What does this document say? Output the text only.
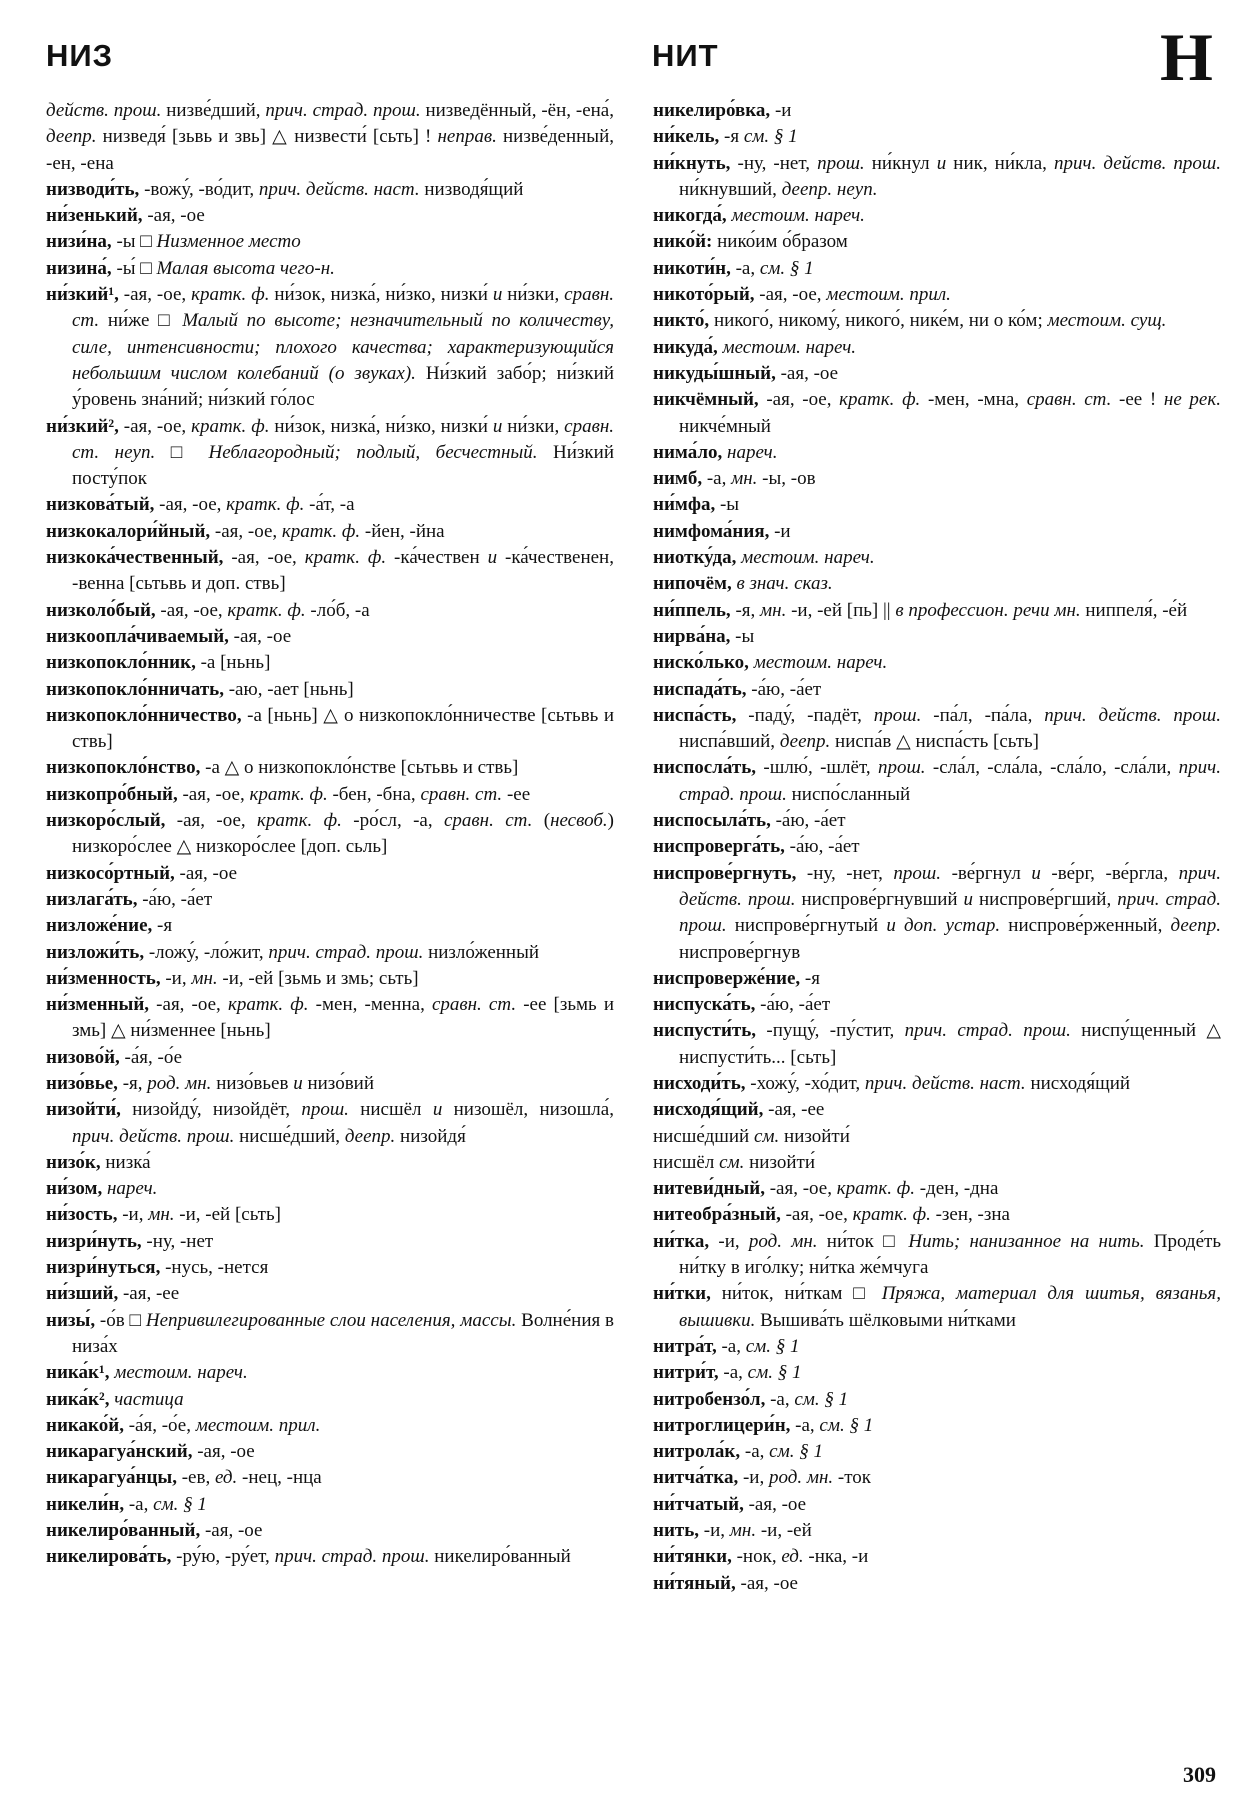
НИЗ	НИТ	Н

действ. прош. низве́дший, прич. страд. прош. низведённый, -ён, -ена́, деепр. низведя́ [зьвь и звь] △ низвести́ [сьть] ! неправ. низве́денный, -ен, -ена

низводи́ть, -вожу́, -во́дит, прич. действ. наст. низводя́щий

ни́зенький, -ая, -ое

низи́на, -ы □ Низменное место

низина́, -ы́ □ Малая высота чего-н.

ни́зкий¹, -ая, -ое, кратк. ф. ни́зок, низка́, ни́зко, низки́ и ни́зки, сравн. ст. ни́же □ Малый по высоте; незначительный по количеству, силе, интенсивности; плохого качества; характеризующийся небольшим числом колебаний (о звуках). Ни́зкий забо́р; ни́зкий у́ровень зна́ний; ни́зкий го́лос

ни́зкий², -ая, -ое, кратк. ф. ни́зок, низка́, ни́зко, низки́ и ни́зки, сравн. ст. неуп. □ Неблагородный; подлый, бесчестный. Ни́зкий посту́пок

низкова́тый, -ая, -ое, кратк. ф. -а́т, -а

низкокалори́йный, -ая, -ое, кратк. ф. -йен, -йна

низкока́чественный, -ая, -ое, кратк. ф. -ка́чествен и -ка́чественен, -венна [сьтьвь и доп. ствь]

низколо́бый, -ая, -ое, кратк. ф. -ло́б, -а

низкоопла́чиваемый, -ая, -ое

низкопокло́нник, -а [ньнь]

низкопокло́нничать, -аю, -ает [ньнь]

низкопокло́нничество, -а [ньнь] △ о низкопокло́нничестве [сьтьвь и ствь]

низкопокло́нство, -а △ о низкопокло́нстве [сьтьвь и ствь]

низкопро́бный, -ая, -ое, кратк. ф. -бен, -бна, сравн. ст. -ее

низкоро́слый, -ая, -ое, кратк. ф. -ро́сл, -а, сравн. ст. (несвоб.) низкоро́слее △ низкоро́слее [доп. сьль]

низкосо́ртный, -ая, -ое

низлага́ть, -а́ю, -а́ет

низложе́ние, -я

низложи́ть, -ложу́, -ло́жит, прич. страд. прош. низло́женный

ни́зменность, -и, мн. -и, -ей [зьмь и змь; сьть]

ни́зменный, -ая, -ое, кратк. ф. -мен, -менна, сравн. ст. -ее [зьмь и змь] △ ни́зменнее [ньнь]

низово́й, -а́я, -о́е

низо́вье, -я, род. мн. низо́вьев и низо́вий

низойти́, низойду́, низойдёт, прош. нисшёл и низошёл, низошла́, прич. действ. прош. нисше́дший, деепр. низойдя́

низо́к, низка́

ни́зом, нареч.

ни́зость, -и, мн. -и, -ей [сьть]

низри́нуть, -ну, -нет

низри́нуться, -нусь, -нется

ни́зший, -ая, -ее

низы́, -о́в □ Непривилегированные слои населения, массы. Волне́ния в низа́х

ника́к¹, местоим. нареч.

ника́к², частица

никако́й, -а́я, -о́е, местоим. прил.

никарагуа́нский, -ая, -ое

никарагуа́нцы, -ев, ед. -нец, -нца

никели́н, -а, см. § 1

никелиро́ванный, -ая, -ое

никелирова́ть, -ру́ю, -ру́ет, прич. страд. прош. никелиро́ванный

никелиро́вка, -и

ни́кель, -я см. § 1

ни́кнуть, -ну, -нет, прош. ни́кнул и ник, ни́кла, прич. действ. прош. ни́кнувший, деепр. неуп.

никогда́, местоим. нареч.

нико́й: нико́им о́бразом

никоти́н, -а, см. § 1

никото́рый, -ая, -ое, местоим. прил.

никто́, никого́, никому́, никого́, нике́м, ни о ко́м; местоим. сущ.

никуда́, местоим. нареч.

никуды́шный, -ая, -ое

никчёмный, -ая, -ое, кратк. ф. -мен, -мна, сравн. ст. -ее ! не рек. никче́мный

нима́ло, нареч.

нимб, -а, мн. -ы, -ов

ни́мфа, -ы

нимфома́ния, -и

ниотку́да, местоим. нареч.

нипочём, в знач. сказ.

ни́ппель, -я, мн. -и, -ей [пь] || в профессион. речи мн. ниппеля́, -е́й

нирва́на, -ы

ниско́лько, местоим. нареч.

ниспада́ть, -а́ю, -а́ет

ниспа́сть, -паду́, -падёт, прош. -па́л, -па́ла, прич. действ. прош. ниспа́вший, деепр. ниспа́в △ ниспа́сть [сьть]

ниспосла́ть, -шлю́, -шлёт, прош. -сла́л, -сла́ла, -сла́ло, -сла́ли, прич. страд. прош. ниспо́сланный

ниспосыла́ть, -а́ю, -а́ет

ниспроверга́ть, -а́ю, -а́ет

ниспрове́ргнуть, -ну, -нет, прош. -ве́ргнул и -ве́рг, -ве́ргла, прич. действ. прош. ниспрове́ргнувший и ниспрове́ргший, прич. страд. прош. ниспрове́ргнутый и доп. устар. ниспрове́рженный, деепр. ниспрове́ргнув

ниспроверже́ние, -я

ниспуска́ть, -а́ю, -а́ет

ниспусти́ть, -пущу́, -пу́стит, прич. страд. прош. ниспу́щенный △ ниспусти́ть... [сьть]

нисходи́ть, -хожу́, -хо́дит, прич. действ. наст. нисходя́щий

нисходя́щий, -ая, -ее

нисше́дший см. низойти́

нисшёл см. низойти́

нитеви́дный, -ая, -ое, кратк. ф. -ден, -дна

нитеобра́зный, -ая, -ое, кратк. ф. -зен, -зна

ни́тка, -и, род. мн. ни́ток □ Нить; нанизанное на нить. Проде́ть ни́тку в иго́лку; ни́тка же́мчуга

ни́тки, ни́ток, ни́ткам □ Пряжа, материал для шитья, вязанья, вышивки. Вышива́ть шёлковыми ни́тками

нитра́т, -а, см. § 1

нитри́т, -а, см. § 1

нитробензо́л, -а, см. § 1

нитроглицери́н, -а, см. § 1

нитрола́к, -а, см. § 1

нитча́тка, -и, род. мн. -ток

ни́тчатый, -ая, -ое

нить, -и, мн. -и, -ей

ни́тянки, -нок, ед. -нка, -и

ни́тяный, -ая, -ое

309
